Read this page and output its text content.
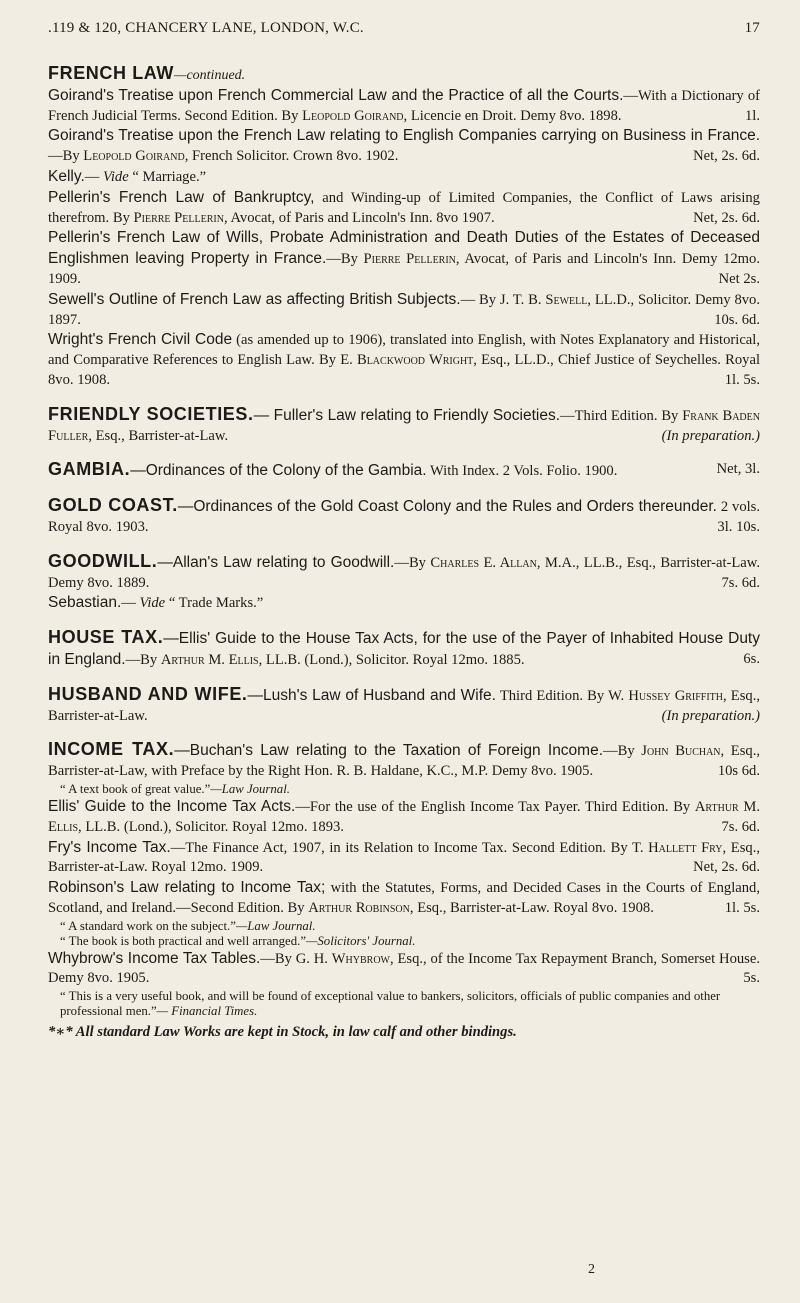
.119 & 120, CHANCERY LANE, LONDON, W.C.	17
FRENCH LAW—continued.
Goirand's Treatise upon French Commercial Law and the Practice of all the Courts.—With a Dictionary of French Judicial Terms. Second Edition. By Leopold Goirand, Licencie en Droit. Demy 8vo. 1898.	1l.
Goirand's Treatise upon the French Law relating to English Companies carrying on Business in France.—By Leopold Goirand, French Solicitor. Crown 8vo. 1902.	Net, 2s. 6d.
Kelly.— Vide “ Marriage.”
Pellerin's French Law of Bankruptcy, and Winding-up of Limited Companies, the Conflict of Laws arising therefrom. By Pierre Pellerin, Avocat, of Paris and Lincoln's Inn. 8vo 1907.	Net, 2s. 6d.
Pellerin's French Law of Wills, Probate Administration and Death Duties of the Estates of Deceased Englishmen leaving Property in France.—By Pierre Pellerin, Avocat, of Paris and Lincoln's Inn. Demy 12mo. 1909.	Net 2s.
Sewell's Outline of French Law as affecting British Subjects.— By J. T. B. Sewell, LL.D., Solicitor. Demy 8vo. 1897.	10s. 6d.
Wright's French Civil Code (as amended up to 1906), translated into English, with Notes Explanatory and Historical, and Comparative References to English Law. By E. Blackwood Wright, Esq., LL.D., Chief Justice of Seychelles. Royal 8vo. 1908.	1l. 5s.
FRIENDLY SOCIETIES.— Fuller's Law relating to Friendly Societies.—Third Edition. By Frank Baden Fuller, Esq., Barrister-at-Law.	(In preparation.)
GAMBIA.—Ordinances of the Colony of the Gambia. With Index. 2 Vols. Folio. 1900.	Net, 3l.
GOLD COAST.—Ordinances of the Gold Coast Colony and the Rules and Orders thereunder. 2 vols. Royal 8vo. 1903.	3l. 10s.
GOODWILL.—Allan's Law relating to Goodwill.—By Charles E. Allan, M.A., LL.B., Esq., Barrister-at-Law. Demy 8vo. 1889.	7s. 6d.
Sebastian.— Vide “ Trade Marks.”
HOUSE TAX.—Ellis' Guide to the House Tax Acts, for the use of the Payer of Inhabited House Duty in England.—By Arthur M. Ellis, LL.B. (Lond.), Solicitor. Royal 12mo. 1885.	6s.
HUSBAND AND WIFE.—Lush's Law of Husband and Wife. Third Edition. By W. Hussey Griffith, Esq., Barrister-at-Law.	(In preparation.)
INCOME TAX.—Buchan's Law relating to the Taxation of Foreign Income.—By John Buchan, Esq., Barrister-at-Law, with Preface by the Right Hon. R. B. Haldane, K.C., M.P. Demy 8vo. 1905.	10s 6d.
“ A text book of great value.”—Law Journal.
Ellis' Guide to the Income Tax Acts.—For the use of the English Income Tax Payer. Third Edition. By Arthur M. Ellis, LL.B. (Lond.), Solicitor. Royal 12mo. 1893.	7s. 6d.
Fry's Income Tax.—The Finance Act, 1907, in its Relation to Income Tax. Second Edition. By T. Hallett Fry, Esq., Barrister-at-Law. Royal 12mo. 1909.	Net, 2s. 6d.
Robinson's Law relating to Income Tax; with the Statutes, Forms, and Decided Cases in the Courts of England, Scotland, and Ireland.—Second Edition. By Arthur Robinson, Esq., Barrister-at-Law. Royal 8vo. 1908.	1l. 5s.
“ A standard work on the subject.”—Law Journal.
“ The book is both practical and well arranged.”—Solicitors' Journal.
Whybrow's Income Tax Tables.—By G. H. Whybrow, Esq., of the Income Tax Repayment Branch, Somerset House. Demy 8vo. 1905.	5s.
“ This is a very useful book, and will be found of exceptional value to bankers, solicitors, officials of public companies and other professional men.”— Financial Times.
*∗* All standard Law Works are kept in Stock, in law calf and other bindings.
2
